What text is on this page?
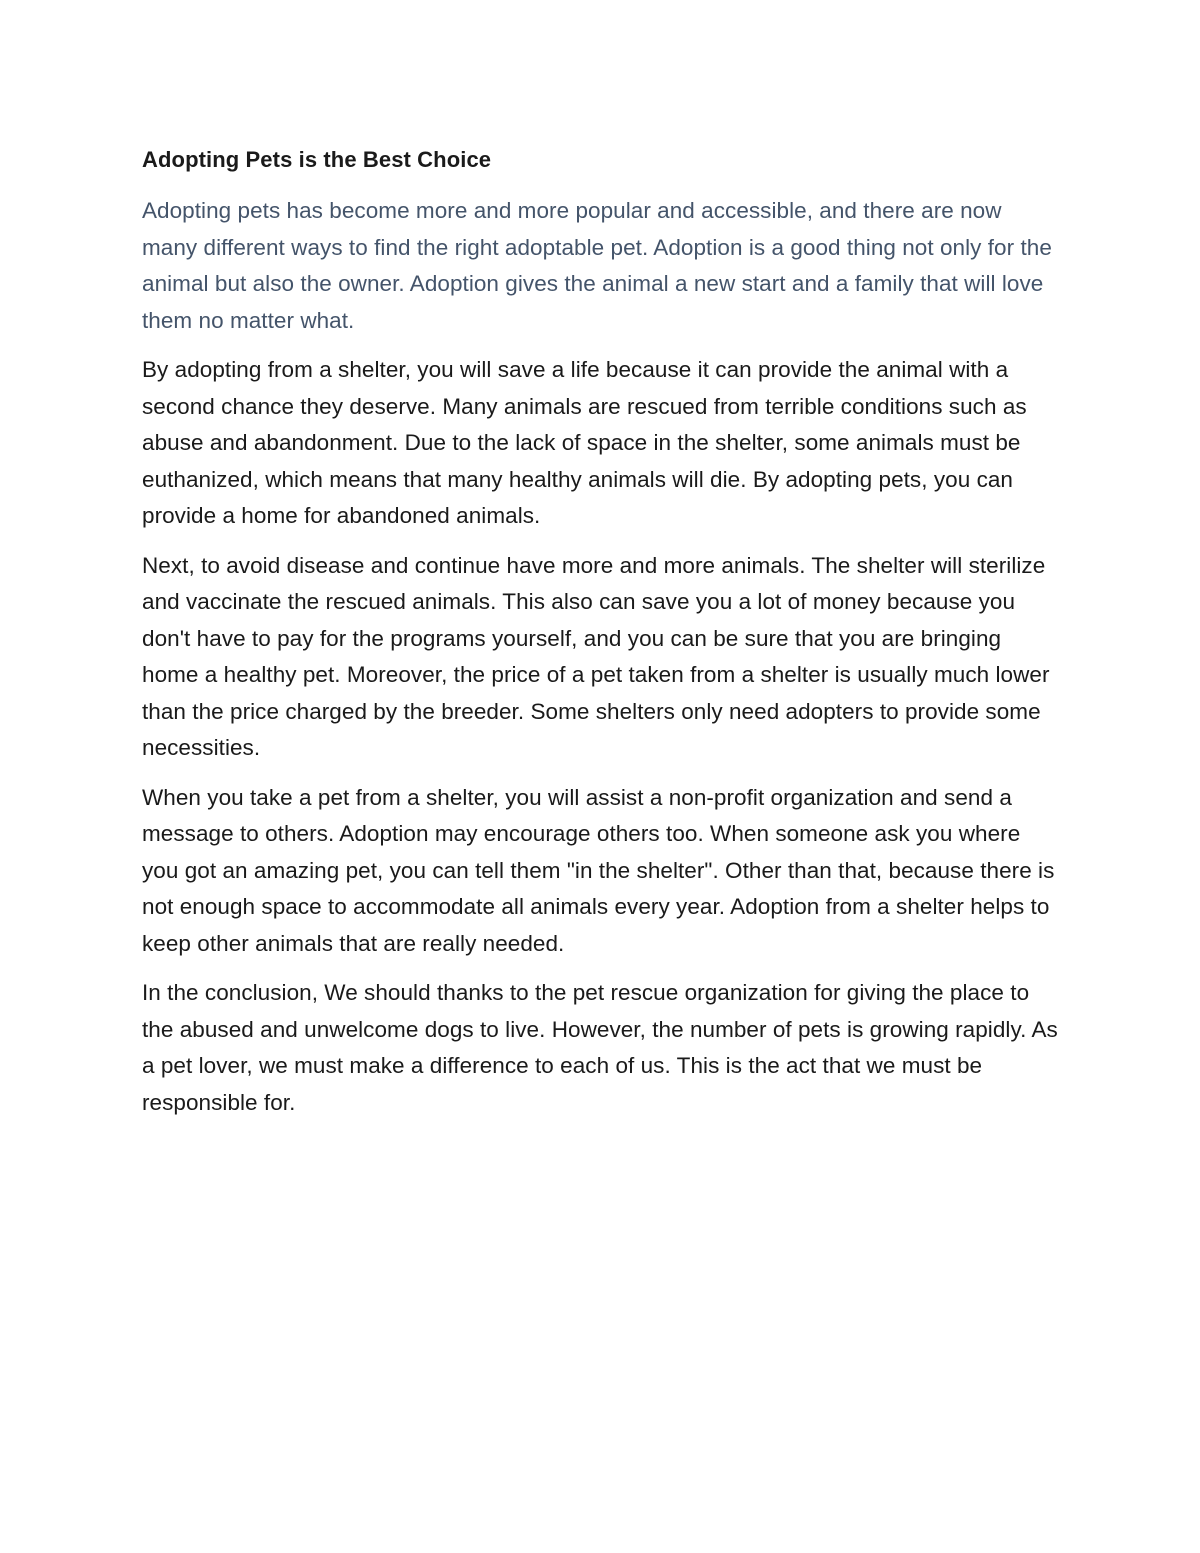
Adopting Pets is the Best Choice

Adopting pets has become more and more popular and accessible, and there are now many different ways to find the right adoptable pet. Adoption is a good thing not only for the animal but also the owner. Adoption gives the animal a new start and a family that will love them no matter what.

By adopting from a shelter, you will save a life because it can provide the animal with a second chance they deserve. Many animals are rescued from terrible conditions such as abuse and abandonment. Due to the lack of space in the shelter, some animals must be euthanized, which means that many healthy animals will die. By adopting pets, you can provide a home for abandoned animals.

Next, to avoid disease and continue have more and more animals. The shelter will sterilize and vaccinate the rescued animals. This also can save you a lot of money because you don't have to pay for the programs yourself, and you can be sure that you are bringing home a healthy pet. Moreover, the price of a pet taken from a shelter is usually much lower than the price charged by the breeder. Some shelters only need adopters to provide some necessities.

When you take a pet from a shelter, you will assist a non-profit organization and send a message to others. Adoption may encourage others too. When someone ask you where you got an amazing pet, you can tell them "in the shelter". Other than that, because there is not enough space to accommodate all animals every year. Adoption from a shelter helps to keep other animals that are really needed.

In the conclusion, We should thanks to the pet rescue organization for giving the place to the abused and unwelcome dogs to live. However, the number of pets is growing rapidly. As a pet lover, we must make a difference to each of us. This is the act that we must be responsible for.
